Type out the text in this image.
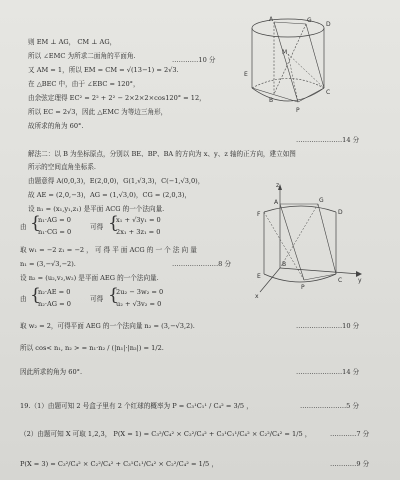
A	G
E
M
B
C
D
P
z
A	G
D
F
E
B
C
P
x
y
则 EM ⊥ AG， CM ⊥ AG，
所以 ∠EMC 为所求二面角的平面角.	…………10 分
又 AM = 1，所以 EM = CM = √(13−1) = 2√3.
在 △BEC 中，由于 ∠EBC = 120°，
由余弦定理得 EC² = 2² + 2² − 2×2×2×cos120° = 12，
所以 EC = 2√3，因此 △EMC 为等边三角形，
故所求的角为 60°.
…………………14 分
解法二：以 B 为坐标原点，分别以 BE、BP、BA 的方向为 x、y、z 轴的正方向，建立如图
所示的空间直角坐标系.
由题意得 A(0,0,3)，E(2,0,0)，G(1,√3,3)，C(−1,√3,0)，
故 AE = (2,0,−3)，AG = (1,√3,0)，CG = (2,0,3)，
设 n₁ = (x₁,y₁,z₁) 是平面 ACG 的一个法向量.
由 {
n₁·AG = 0
n₁·CG = 0
可得 {
x₁ + √3y₁ = 0
2x₁ + 3z₁ = 0
取 w₁ = −2 z₁ = −2 ， 可 得 平 面 ACG 的 一 个 法 向 量
n₁ = (3,−√3,−2).	…………………8 分
设 n₂ = (u₂,v₂,w₂) 是平面 AEG 的一个法向量.
由 {
n₂·AE = 0
n₂·AG = 0
可得 {
2u₂ − 3w₂ = 0
u₂ + √3v₂ = 0
取 w₂ = 2，可得平面 AEG 的一个法向量 n₂ = (3,−√3,2).	…………………10 分
所以 cos< n₁, n₂ > = n₁·n₂ / (|n₁|·|n₂|) = 1/2.
因此所求的角为 60°.	…………………14 分
19.（1）由题可知 2 号盒子里有 2 个红球的概率为 P = C₃¹C₁¹ / C₄² = 3/5 ，	…………………5 分
（2）由题可知 X 可取 1,2,3， P(X = 1) = C₃²/C₄² × C₂²/C₄² + C₃¹C₁¹/C₄² × C₂²/C₄² = 1/5 ，	…………7 分
P(X = 3) = C₃²/C₄² × C₂²/C₄² + C₃¹C₁¹/C₄² × C₂²/C₄² = 1/5 ，	…………9 分
